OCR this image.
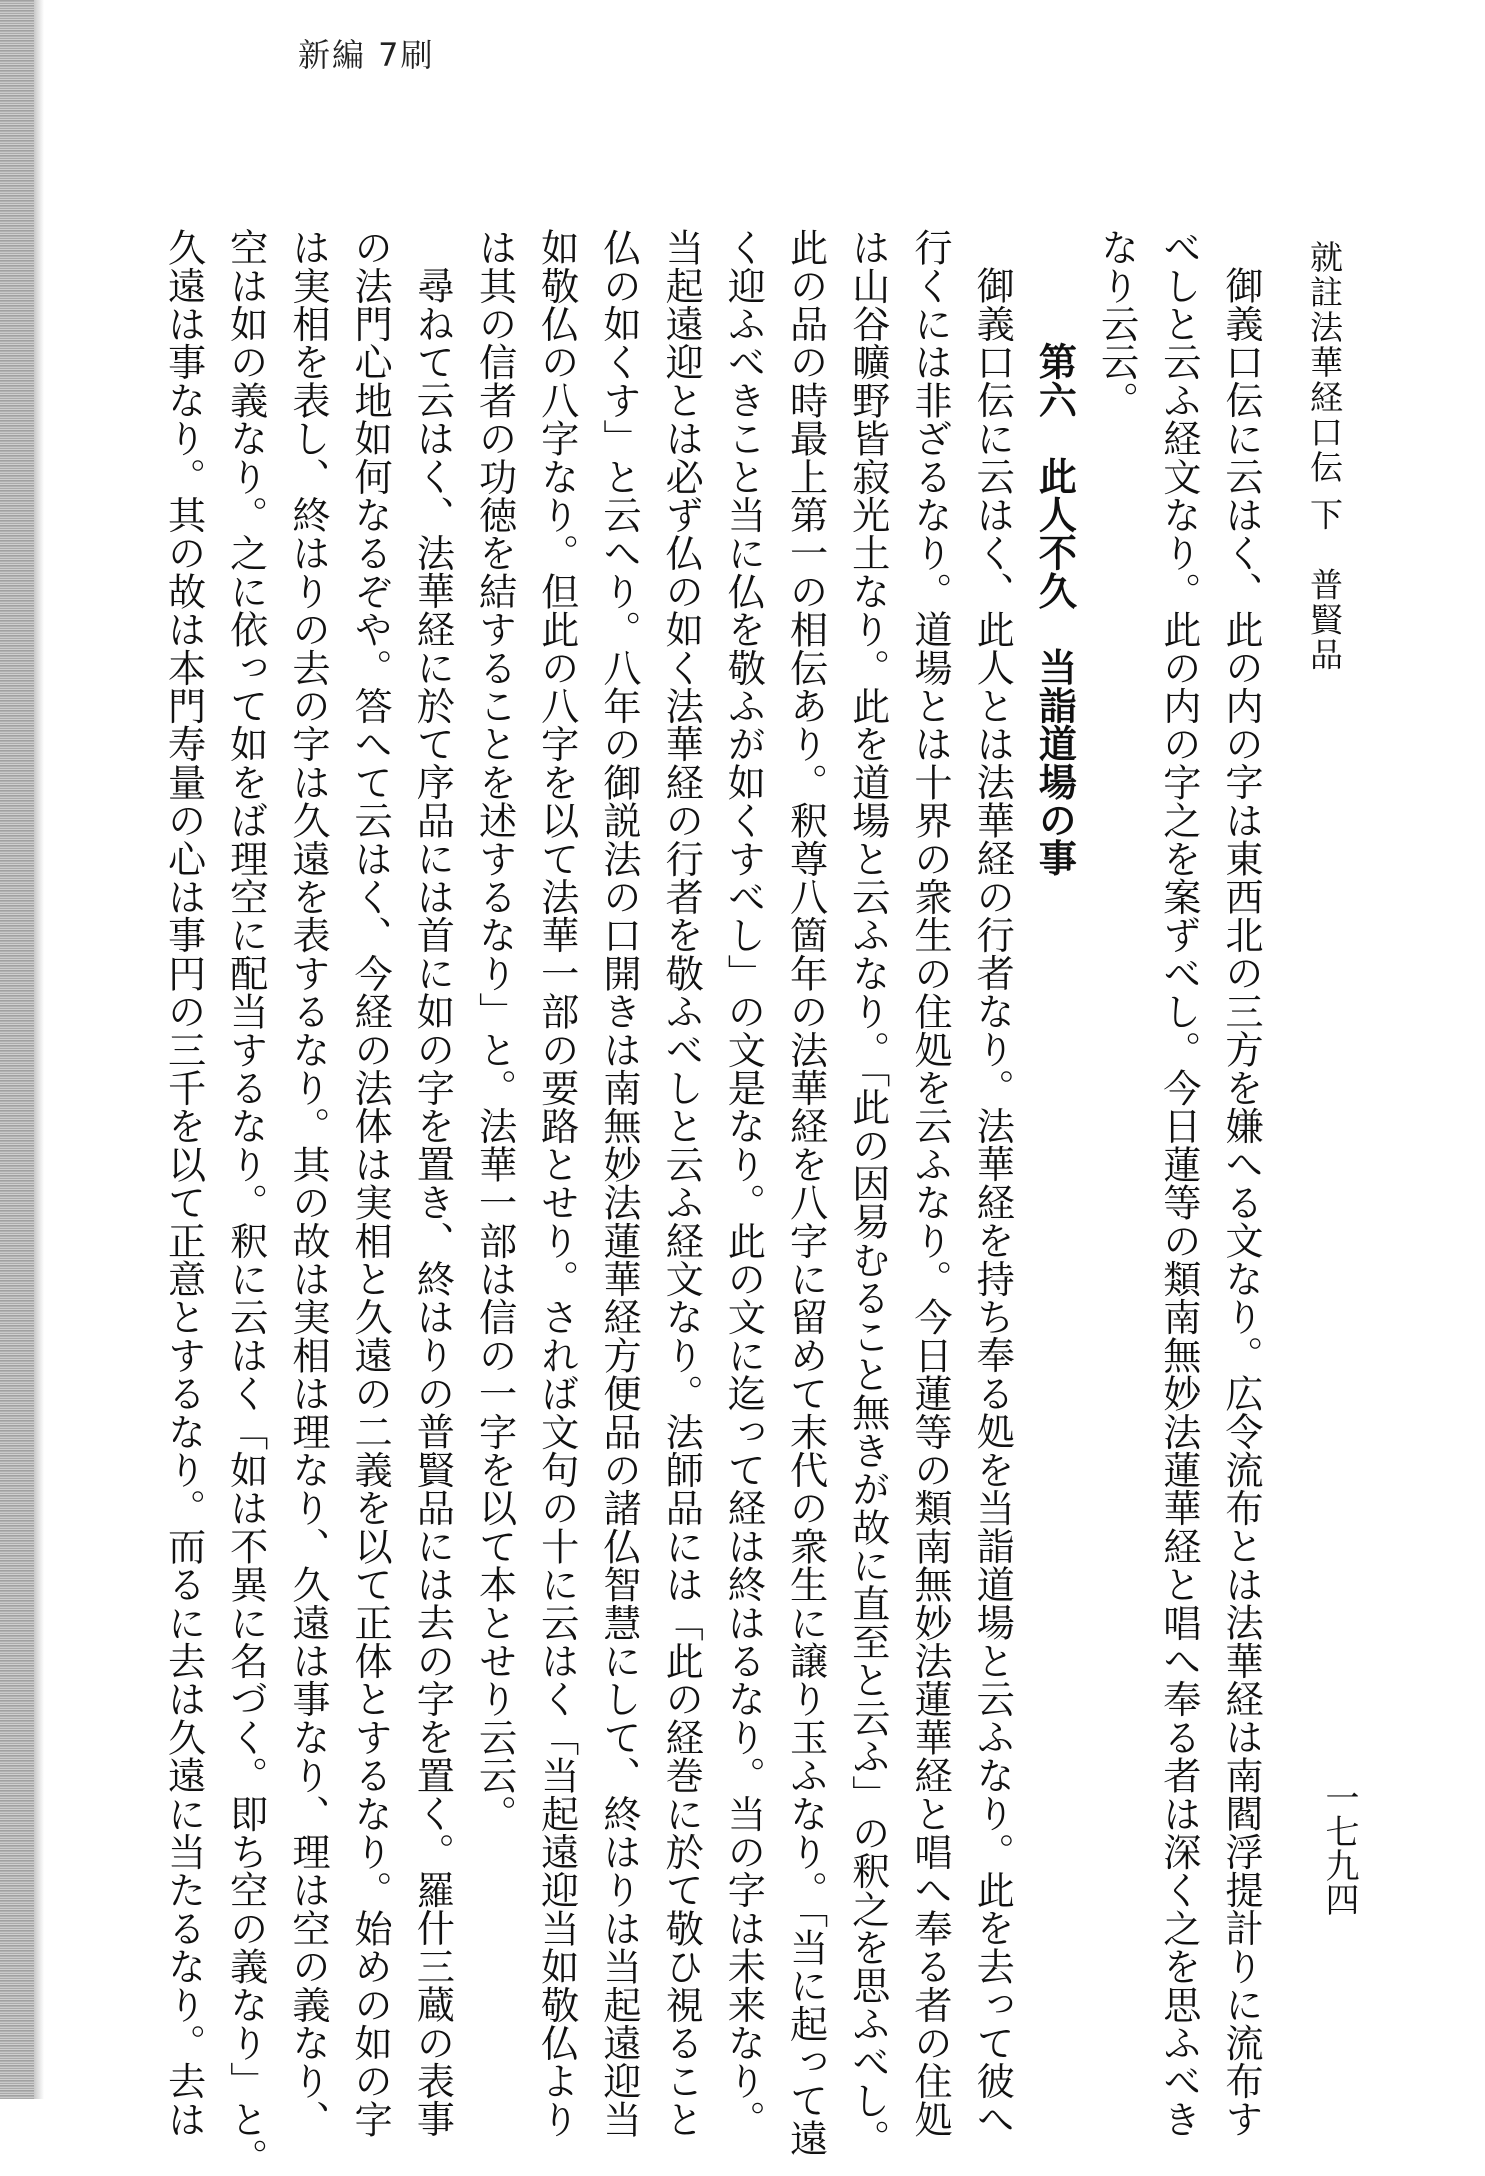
新編 7刷
就註法華経口伝 下　普賢品
一七九四
御義口伝に云はく、此の内の字は東西北の三方を嫌へる文なり。広令流布とは法華経は南閻浮提計りに流布す
べしと云ふ経文なり。此の内の字之を案ずべし。今日蓮等の類南無妙法蓮華経と唱へ奉る者は深く之を思ふべき
なり云云。
第六　此人不久　当詣道場の事
御義口伝に云はく、此人とは法華経の行者なり。法華経を持ち奉る処を当詣道場と云ふなり。此を去って彼へ
行くには非ざるなり。道場とは十界の衆生の住処を云ふなり。今日蓮等の類南無妙法蓮華経と唱へ奉る者の住処
は山谷曠野皆寂光土なり。此を道場と云ふなり。「此の因易むること無きが故に直至と云ふ」の釈之を思ふべし。
此の品の時最上第一の相伝あり。釈尊八箇年の法華経を八字に留めて末代の衆生に譲り玉ふなり。「当に起って遠
く迎ふべきこと当に仏を敬ふが如くすべし」の文是なり。此の文に迄って経は終はるなり。当の字は未来なり。
当起遠迎とは必ず仏の如く法華経の行者を敬ふべしと云ふ経文なり。法師品には「此の経巻に於て敬ひ視ること
仏の如くす」と云へり。八年の御説法の口開きは南無妙法蓮華経方便品の諸仏智慧にして、終はりは当起遠迎当
如敬仏の八字なり。但此の八字を以て法華一部の要路とせり。されば文句の十に云はく「当起遠迎当如敬仏より
は其の信者の功徳を結することを述するなり」と。法華一部は信の一字を以て本とせり云云。
尋ねて云はく、法華経に於て序品には首に如の字を置き、終はりの普賢品には去の字を置く。羅什三蔵の表事
の法門心地如何なるぞや。答へて云はく、今経の法体は実相と久遠の二義を以て正体とするなり。始めの如の字
は実相を表し、終はりの去の字は久遠を表するなり。其の故は実相は理なり、久遠は事なり、理は空の義なり、
空は如の義なり。之に依って如をば理空に配当するなり。釈に云はく「如は不異に名づく。即ち空の義なり」と。
久遠は事なり。其の故は本門寿量の心は事円の三千を以て正意とするなり。而るに去は久遠に当たるなり。去は
